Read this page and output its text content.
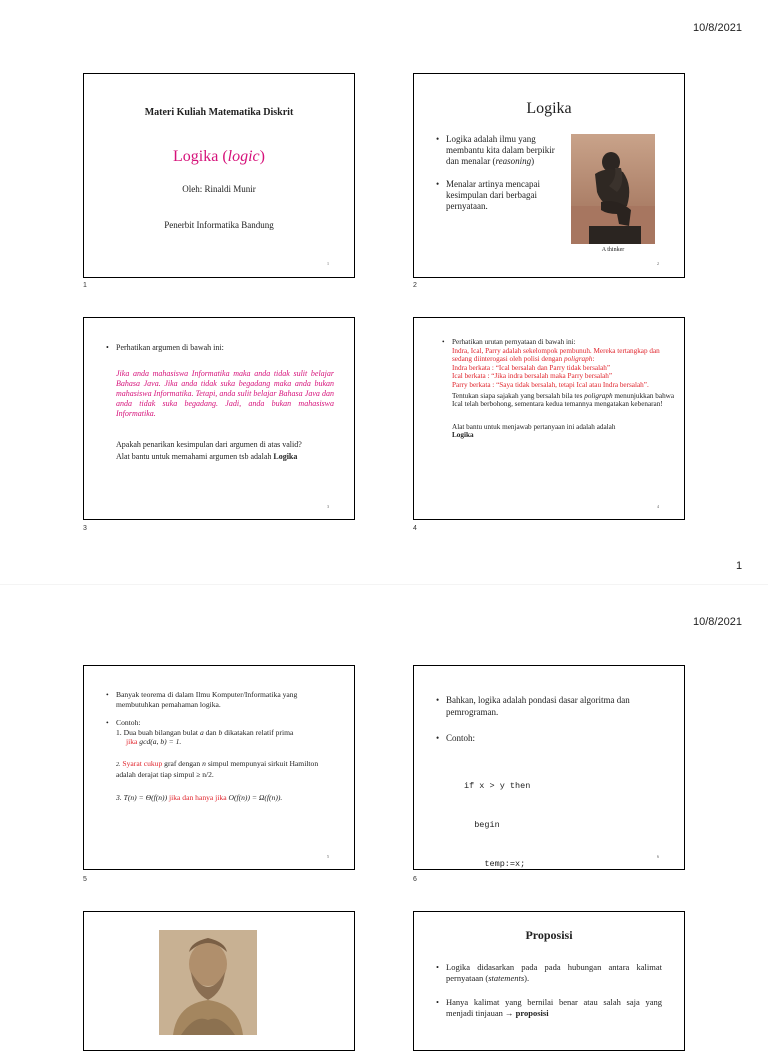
10/8/2021
Materi Kuliah Matematika Diskrit
Logika (logic)
Oleh: Rinaldi Munir
Penerbit Informatika Bandung
1
1
Logika
• Logika adalah ilmu yang membantu kita dalam berpikir dan menalar (reasoning)
• Menalar artinya mencapai kesimpulan dari berbagai pernyataan.
A thinker
2
2
• Perhatikan argumen di bawah ini:
Jika anda mahasiswa Informatika maka anda tidak sulit belajar Bahasa Java. Jika anda tidak suka begadang maka anda bukan mahasiswa Informatika. Tetapi, anda sulit belajar Bahasa Java dan anda tidak suka begadang. Jadi, anda bukan mahasiswa Informatika.
Apakah penarikan kesimpulan dari argumen di atas valid?
Alat bantu untuk memahami argumen tsb adalah Logika
3
3
• Perhatikan urutan pernyataan di bawah ini:
Indra, Ical, Parry adalah sekelompok pembunuh. Mereka tertangkap dan sedang diinterogasi oleh polisi dengan poligraph:
Indra berkata : “Ical bersalah dan Parry tidak bersalah”
Ical berkata : “Jika indra bersalah maka Parry bersalah”
Parry berkata : “Saya tidak bersalah, tetapi Ical atau Indra bersalah”.
Tentukan siapa sajakah yang bersalah bila tes poligraph menunjukkan bahwa Ical telah berbohong, sementara kedua temannya mengatakan kebenaran!
Alat bantu untuk menjawab pertanyaan ini adalah adalah
Logika
4
4
1
10/8/2021
• Banyak teorema di dalam Ilmu Komputer/Informatika yang membutuhkan pemahaman logika.
• Contoh:
1. Dua buah bilangan bulat a dan b dikatakan relatif prima
jika gcd(a, b) = 1.
2. Syarat cukup graf dengan n simpul mempunyai sirkuit Hamilton adalah derajat tiap simpul ≥ n/2.
3. T(n) = Θ(f(n)) jika dan hanya jika O(f(n)) = Ω(f(n)).
5
5
• Bahkan, logika adalah pondasi dasar algoritma dan pemrograman.
• Contoh:

if x > y then

begin

temp:=x;

6
6
Proposisi
• Logika didasarkan pada pada hubungan antara kalimat pernyataan (statements).
• Hanya kalimat yang bernilai benar atau salah saja yang menjadi tinjauan → proposisi
